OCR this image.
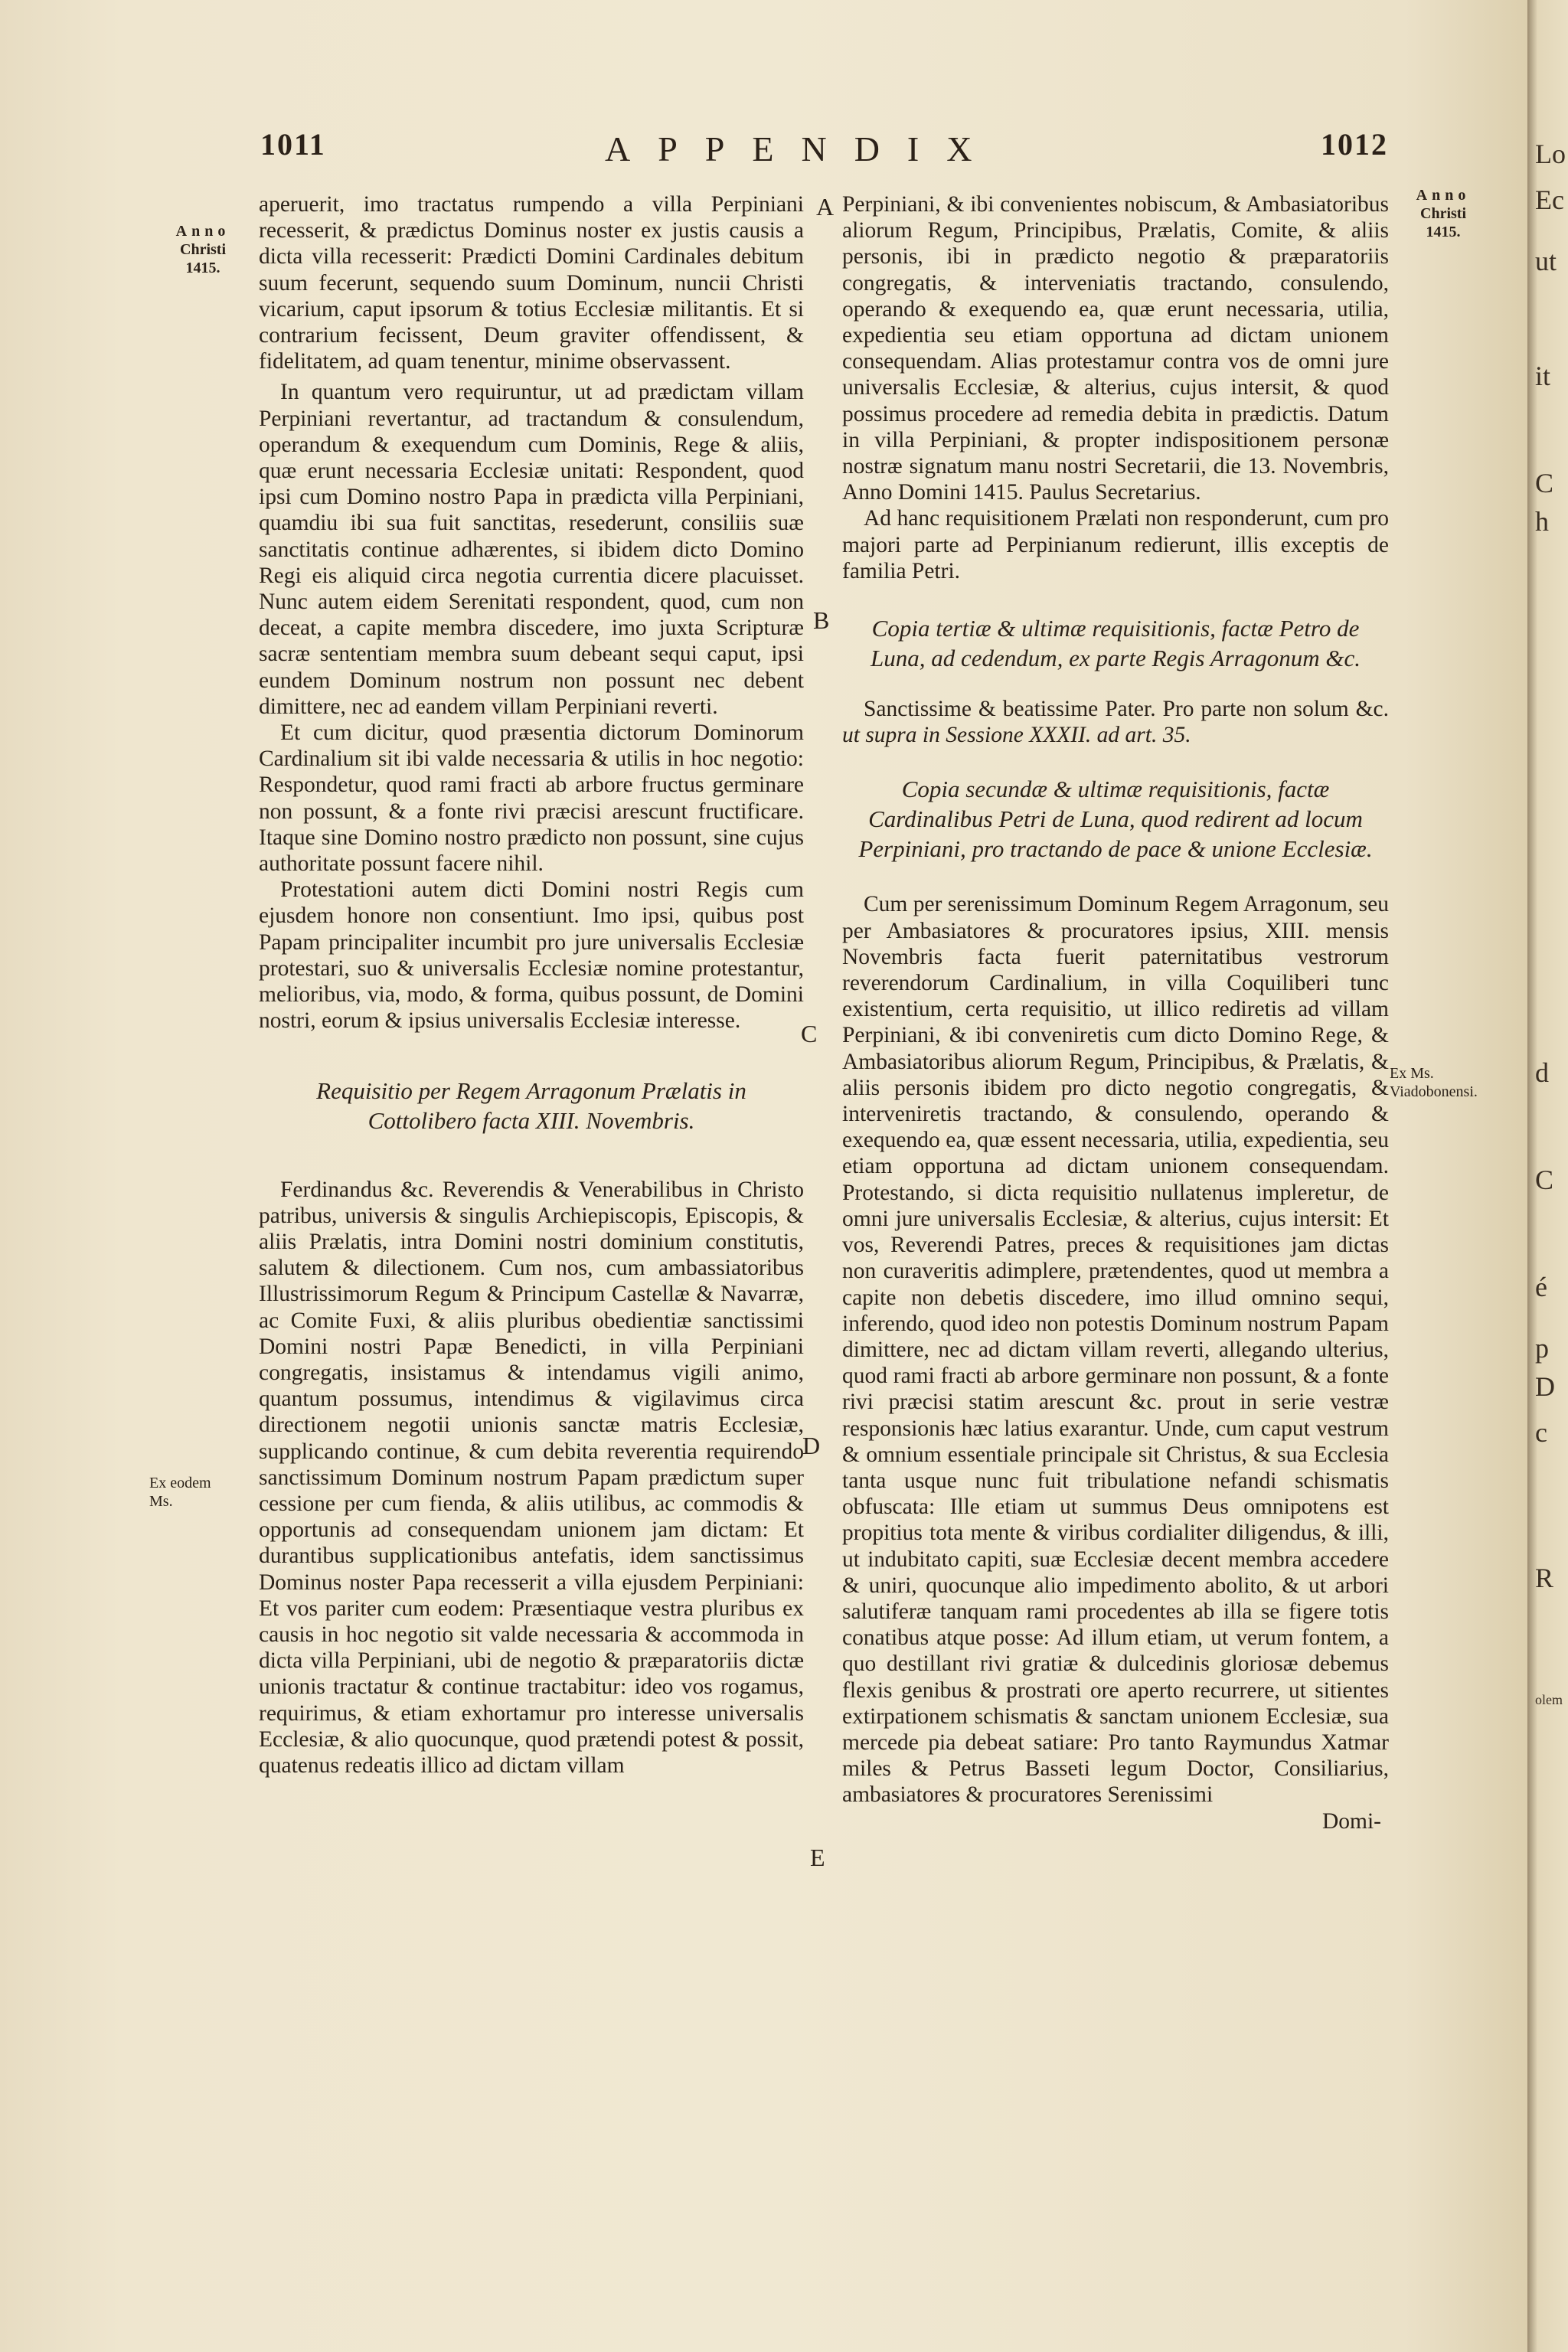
1011	APPENDIX	1012
Anno
Christi
1415.
Ex eodem Ms.
Anno
Christi
1415.
Ex Ms. Viadobonensi.
A
B
C
D
E

aperuerit, imo tractatus rumpendo a villa Perpiniani recesserit, & prædictus Dominus noster ex justis causis a dicta villa recesserit: Prædicti Domini Cardinales debitum suum fecerunt, sequendo suum Dominum, nuncii Christi vicarium, caput ipsorum & totius Ecclesiæ militantis. Et si contrarium fecissent, Deum graviter offendissent, & fidelitatem, ad quam tenentur, minime observassent.

In quantum vero requiruntur, ut ad prædictam villam Perpiniani revertantur, ad tractandum & consulendum, operandum & exequendum cum Dominis, Rege & aliis, quæ erunt necessaria Ecclesiæ unitati: Respondent, quod ipsi cum Domino nostro Papa in prædicta villa Perpiniani, quamdiu ibi sua fuit sanctitas, resederunt, consiliis suæ sanctitatis continue adhærentes, si ibidem dicto Domino Regi eis aliquid circa negotia currentia dicere placuisset. Nunc autem eidem Serenitati respondent, quod, cum non deceat, a capite membra discedere, imo juxta Scripturæ sacræ sententiam membra suum debeant sequi caput, ipsi eundem Dominum nostrum non possunt nec debent dimittere, nec ad eandem villam Perpiniani reverti.

Et cum dicitur, quod præsentia dictorum Dominorum Cardinalium sit ibi valde necessaria & utilis in hoc negotio: Respondetur, quod rami fracti ab arbore fructus germinare non possunt, & a fonte rivi præcisi arescunt fructificare. Itaque sine Domino nostro prædicto non possunt, sine cujus authoritate possunt facere nihil.

Protestationi autem dicti Domini nostri Regis cum ejusdem honore non consentiunt. Imo ipsi, quibus post Papam principaliter incumbit pro jure universalis Ecclesiæ protestari, suo & universalis Ecclesiæ nomine protestantur, melioribus, via, modo, & forma, quibus possunt, de Domini nostri, eorum & ipsius universalis Ecclesiæ interesse.

Requisitio per Regem Arragonum Prælatis in Cottolibero facta XIII. Novembris.

Ferdinandus &c. Reverendis & Venerabilibus in Christo patribus, universis & singulis Archiepiscopis, Episcopis, & aliis Prælatis, intra Domini nostri dominium constitutis, salutem & dilectionem. Cum nos, cum ambassiatoribus Illustrissimorum Regum & Principum Castellæ & Navarræ, ac Comite Fuxi, & aliis pluribus obedientiæ sanctissimi Domini nostri Papæ Benedicti, in villa Perpiniani congregatis, insistamus & intendamus vigili animo, quantum possumus, intendimus & vigilavimus circa directionem negotii unionis sanctæ matris Ecclesiæ, supplicando continue, & cum debita reverentia requirendo sanctissimum Dominum nostrum Papam prædictum super cessione per cum fienda, & aliis utilibus, ac commodis & opportunis ad consequendam unionem jam dictam: Et durantibus supplicationibus antefatis, idem sanctissimus Dominus noster Papa recesserit a villa ejusdem Perpiniani: Et vos pariter cum eodem: Præsentiaque vestra pluribus ex causis in hoc negotio sit valde necessaria & accommoda in dicta villa Perpiniani, ubi de negotio & præparatoriis dictæ unionis tractatur & continue tractabitur: ideo vos rogamus, requirimus, & etiam exhortamur pro interesse universalis Ecclesiæ, & alio quocunque, quod prætendi potest & possit, quatenus redeatis illico ad dictam villam

Perpiniani, & ibi convenientes nobiscum, & Ambasiatoribus aliorum Regum, Principibus, Prælatis, Comite, & aliis personis, ibi in prædicto negotio & præparatoriis congregatis, & interveniatis tractando, consulendo, operando & exequendo ea, quæ erunt necessaria, utilia, expedientia seu etiam opportuna ad dictam unionem consequendam. Alias protestamur contra vos de omni jure universalis Ecclesiæ, & alterius, cujus intersit, & quod possimus procedere ad remedia debita in prædictis. Datum in villa Perpiniani, & propter indispositionem personæ nostræ signatum manu nostri Secretarii, die 13. Novembris, Anno Domini 1415. Paulus Secretarius.

Ad hanc requisitionem Prælati non responderunt, cum pro majori parte ad Perpinianum redierunt, illis exceptis de familia Petri.

Copia tertiæ & ultimæ requisitionis, factæ Petro de Luna, ad cedendum, ex parte Regis Arragonum &c.

Sanctissime & beatissime Pater. Pro parte non solum &c. ut supra in Sessione XXXII. ad art. 35.

Copia secundæ & ultimæ requisitionis, factæ Cardinalibus Petri de Luna, quod redirent ad locum Perpiniani, pro tractando de pace & unione Ecclesiæ.

Cum per serenissimum Dominum Regem Arragonum, seu per Ambasiatores & procuratores ipsius, XIII. mensis Novembris facta fuerit paternitatibus vestrorum reverendorum Cardinalium, in villa Coquiliberi tunc existentium, certa requisitio, ut illico rediretis ad villam Perpiniani, & ibi conveniretis cum dicto Domino Rege, & Ambasiatoribus aliorum Regum, Principibus, & Prælatis, & aliis personis ibidem pro dicto negotio congregatis, & interveniretis tractando, & consulendo, operando & exequendo ea, quæ essent necessaria, utilia, expedientia, seu etiam opportuna ad dictam unionem consequendam. Protestando, si dicta requisitio nullatenus impleretur, de omni jure universalis Ecclesiæ, & alterius, cujus intersit: Et vos, Reverendi Patres, preces & requisitiones jam dictas non curaveritis adimplere, prætendentes, quod ut membra a capite non debetis discedere, imo illud omnino sequi, inferendo, quod ideo non potestis Dominum nostrum Papam dimittere, nec ad dictam villam reverti, allegando ulterius, quod rami fracti ab arbore germinare non possunt, & a fonte rivi præcisi statim arescunt &c. prout in serie vestræ responsionis hæc latius exarantur. Unde, cum caput vestrum & omnium essentiale principale sit Christus, & sua Ecclesia tanta usque nunc fuit tribulatione nefandi schismatis obfuscata: Ille etiam ut summus Deus omnipotens est propitius tota mente & viribus cordialiter diligendus, & illi, ut indubitato capiti, suæ Ecclesiæ decent membra accedere & uniri, quocunque alio impedimento abolito, & ut arbori salutiferæ tanquam rami procedentes ab illa se figere totis conatibus atque posse: Ad illum etiam, ut verum fontem, a quo destillant rivi gratiæ & dulcedinis gloriosæ debemus flexis genibus & prostrati ore aperto recurrere, ut sitientes extirpationem schismatis & sanctam unionem Ecclesiæ, sua mercede pia debeat satiare: Pro tanto Raymundus Xatmar miles & Petrus Basseti legum Doctor, Consiliarius, ambasiatores & procuratores Serenissimi

Domi-
Lo
Ec
ut
it
C
h
d
C
é
p
D
c
R
olem
